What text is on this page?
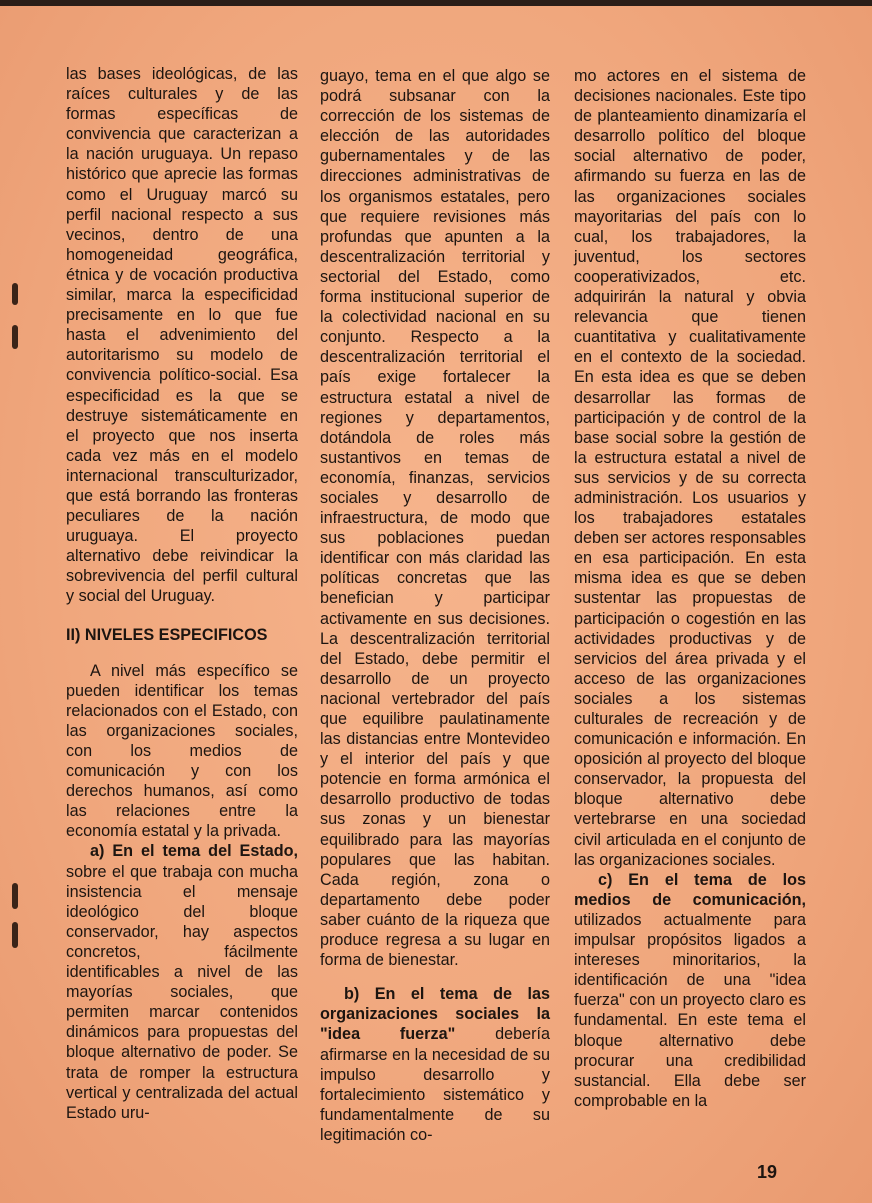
las bases ideológicas, de las raíces culturales y de las formas específicas de convivencia que caracterizan a la nación uruguaya. Un repaso histórico que aprecie las formas como el Uruguay marcó su perfil nacional respecto a sus vecinos, dentro de una homogeneidad geográfica, étnica y de vocación productiva similar, marca la especificidad precisamente en lo que fue hasta el advenimiento del autoritarismo su modelo de convivencia político-social. Esa especificidad es la que se destruye sistemáticamente en el proyecto que nos inserta cada vez más en el modelo internacional transculturizador, que está borrando las fronteras peculiares de la nación uruguaya. El proyecto alternativo debe reivindicar la sobrevivencia del perfil cultural y social del Uruguay.

II) NIVELES ESPECIFICOS

A nivel más específico se pueden identificar los temas relacionados con el Estado, con las organizaciones sociales, con los medios de comunicación y con los derechos humanos, así como las relaciones entre la economía estatal y la privada.

a) En el tema del Estado, sobre el que trabaja con mucha insistencia el mensaje ideológico del bloque conservador, hay aspectos concretos, fácilmente identificables a nivel de las mayorías sociales, que permiten marcar contenidos dinámicos para propuestas del bloque alternativo de poder. Se trata de romper la estructura vertical y centralizada del actual Estado uru-

guayo, tema en el que algo se podrá subsanar con la corrección de los sistemas de elección de las autoridades gubernamentales y de las direcciones administrativas de los organismos estatales, pero que requiere revisiones más profundas que apunten a la descentralización territorial y sectorial del Estado, como forma institucional superior de la colectividad nacional en su conjunto. Respecto a la descentralización territorial el país exige fortalecer la estructura estatal a nivel de regiones y departamentos, dotándola de roles más sustantivos en temas de economía, finanzas, servicios sociales y desarrollo de infraestructura, de modo que sus poblaciones puedan identificar con más claridad las políticas concretas que las benefician y participar activamente en sus decisiones. La descentralización territorial del Estado, debe permitir el desarrollo de un proyecto nacional vertebrador del país que equilibre paulatinamente las distancias entre Montevideo y el interior del país y que potencie en forma armónica el desarrollo productivo de todas sus zonas y un bienestar equilibrado para las mayorías populares que las habitan. Cada región, zona o departamento debe poder saber cuánto de la riqueza que produce regresa a su lugar en forma de bienestar.

b) En el tema de las organizaciones sociales la "idea fuerza" debería afirmarse en la necesidad de su impulso desarrollo y fortalecimiento sistemático y fundamentalmente de su legitimación co-

mo actores en el sistema de decisiones nacionales. Este tipo de planteamiento dinamizaría el desarrollo político del bloque social alternativo de poder, afirmando su fuerza en las de las organizaciones sociales mayoritarias del país con lo cual, los trabajadores, la juventud, los sectores cooperativizados, etc. adquirirán la natural y obvia relevancia que tienen cuantitativa y cualitativamente en el contexto de la sociedad. En esta idea es que se deben desarrollar las formas de participación y de control de la base social sobre la gestión de la estructura estatal a nivel de sus servicios y de su correcta administración. Los usuarios y los trabajadores estatales deben ser actores responsables en esa participación. En esta misma idea es que se deben sustentar las propuestas de participación o cogestión en las actividades productivas y de servicios del área privada y el acceso de las organizaciones sociales a los sistemas culturales de recreación y de comunicación e información. En oposición al proyecto del bloque conservador, la propuesta del bloque alternativo debe vertebrarse en una sociedad civil articulada en el conjunto de las organizaciones sociales.

c) En el tema de los medios de comunicación, utilizados actualmente para impulsar propósitos ligados a intereses minoritarios, la identificación de una "idea fuerza" con un proyecto claro es fundamental. En este tema el bloque alternativo debe procurar una credibilidad sustancial. Ella debe ser comprobable en la

19
